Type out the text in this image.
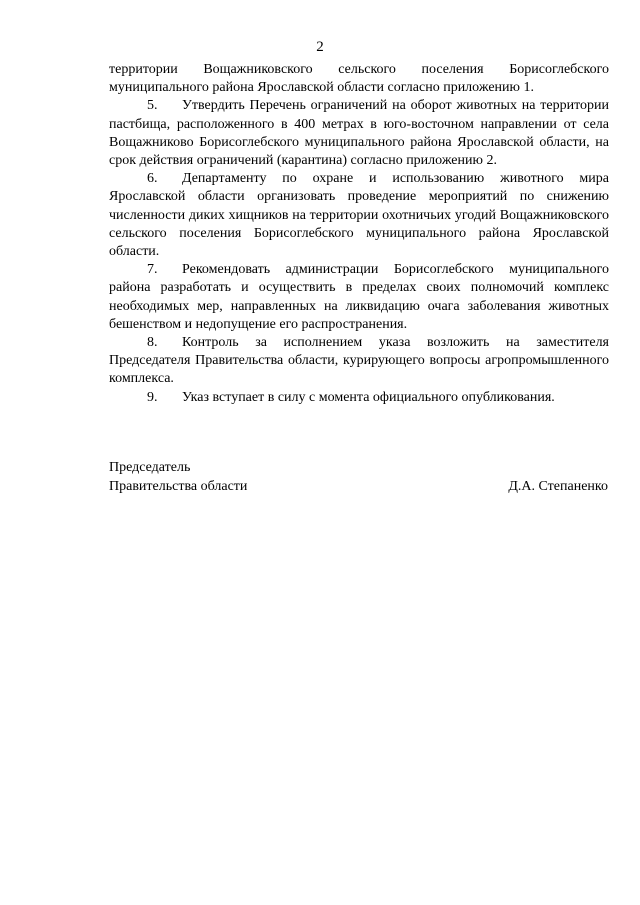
2

территории Вощажниковского сельского поселения Борисоглебского муниципального района Ярославской области согласно приложению 1.

5. Утвердить Перечень ограничений на оборот животных на территории пастбища, расположенного в 400 метрах в юго-восточном направлении от села Вощажниково Борисоглебского муниципального района Ярославской области, на срок действия ограничений (карантина) согласно приложению 2.

6. Департаменту по охране и использованию животного мира Ярославской области организовать проведение мероприятий по снижению численности диких хищников на территории охотничьих угодий Вощажниковского сельского поселения Борисоглебского муниципального района Ярославской области.

7. Рекомендовать администрации Борисоглебского муниципального района разработать и осуществить в пределах своих полномочий комплекс необходимых мер, направленных на ликвидацию очага заболевания животных бешенством и недопущение его распространения.

8. Контроль за исполнением указа возложить на заместителя Председателя Правительства области, курирующего вопросы агропромышленного комплекса.

9. Указ вступает в силу с момента официального опубликования.

Председатель
Правительства области	Д.А. Степаненко
